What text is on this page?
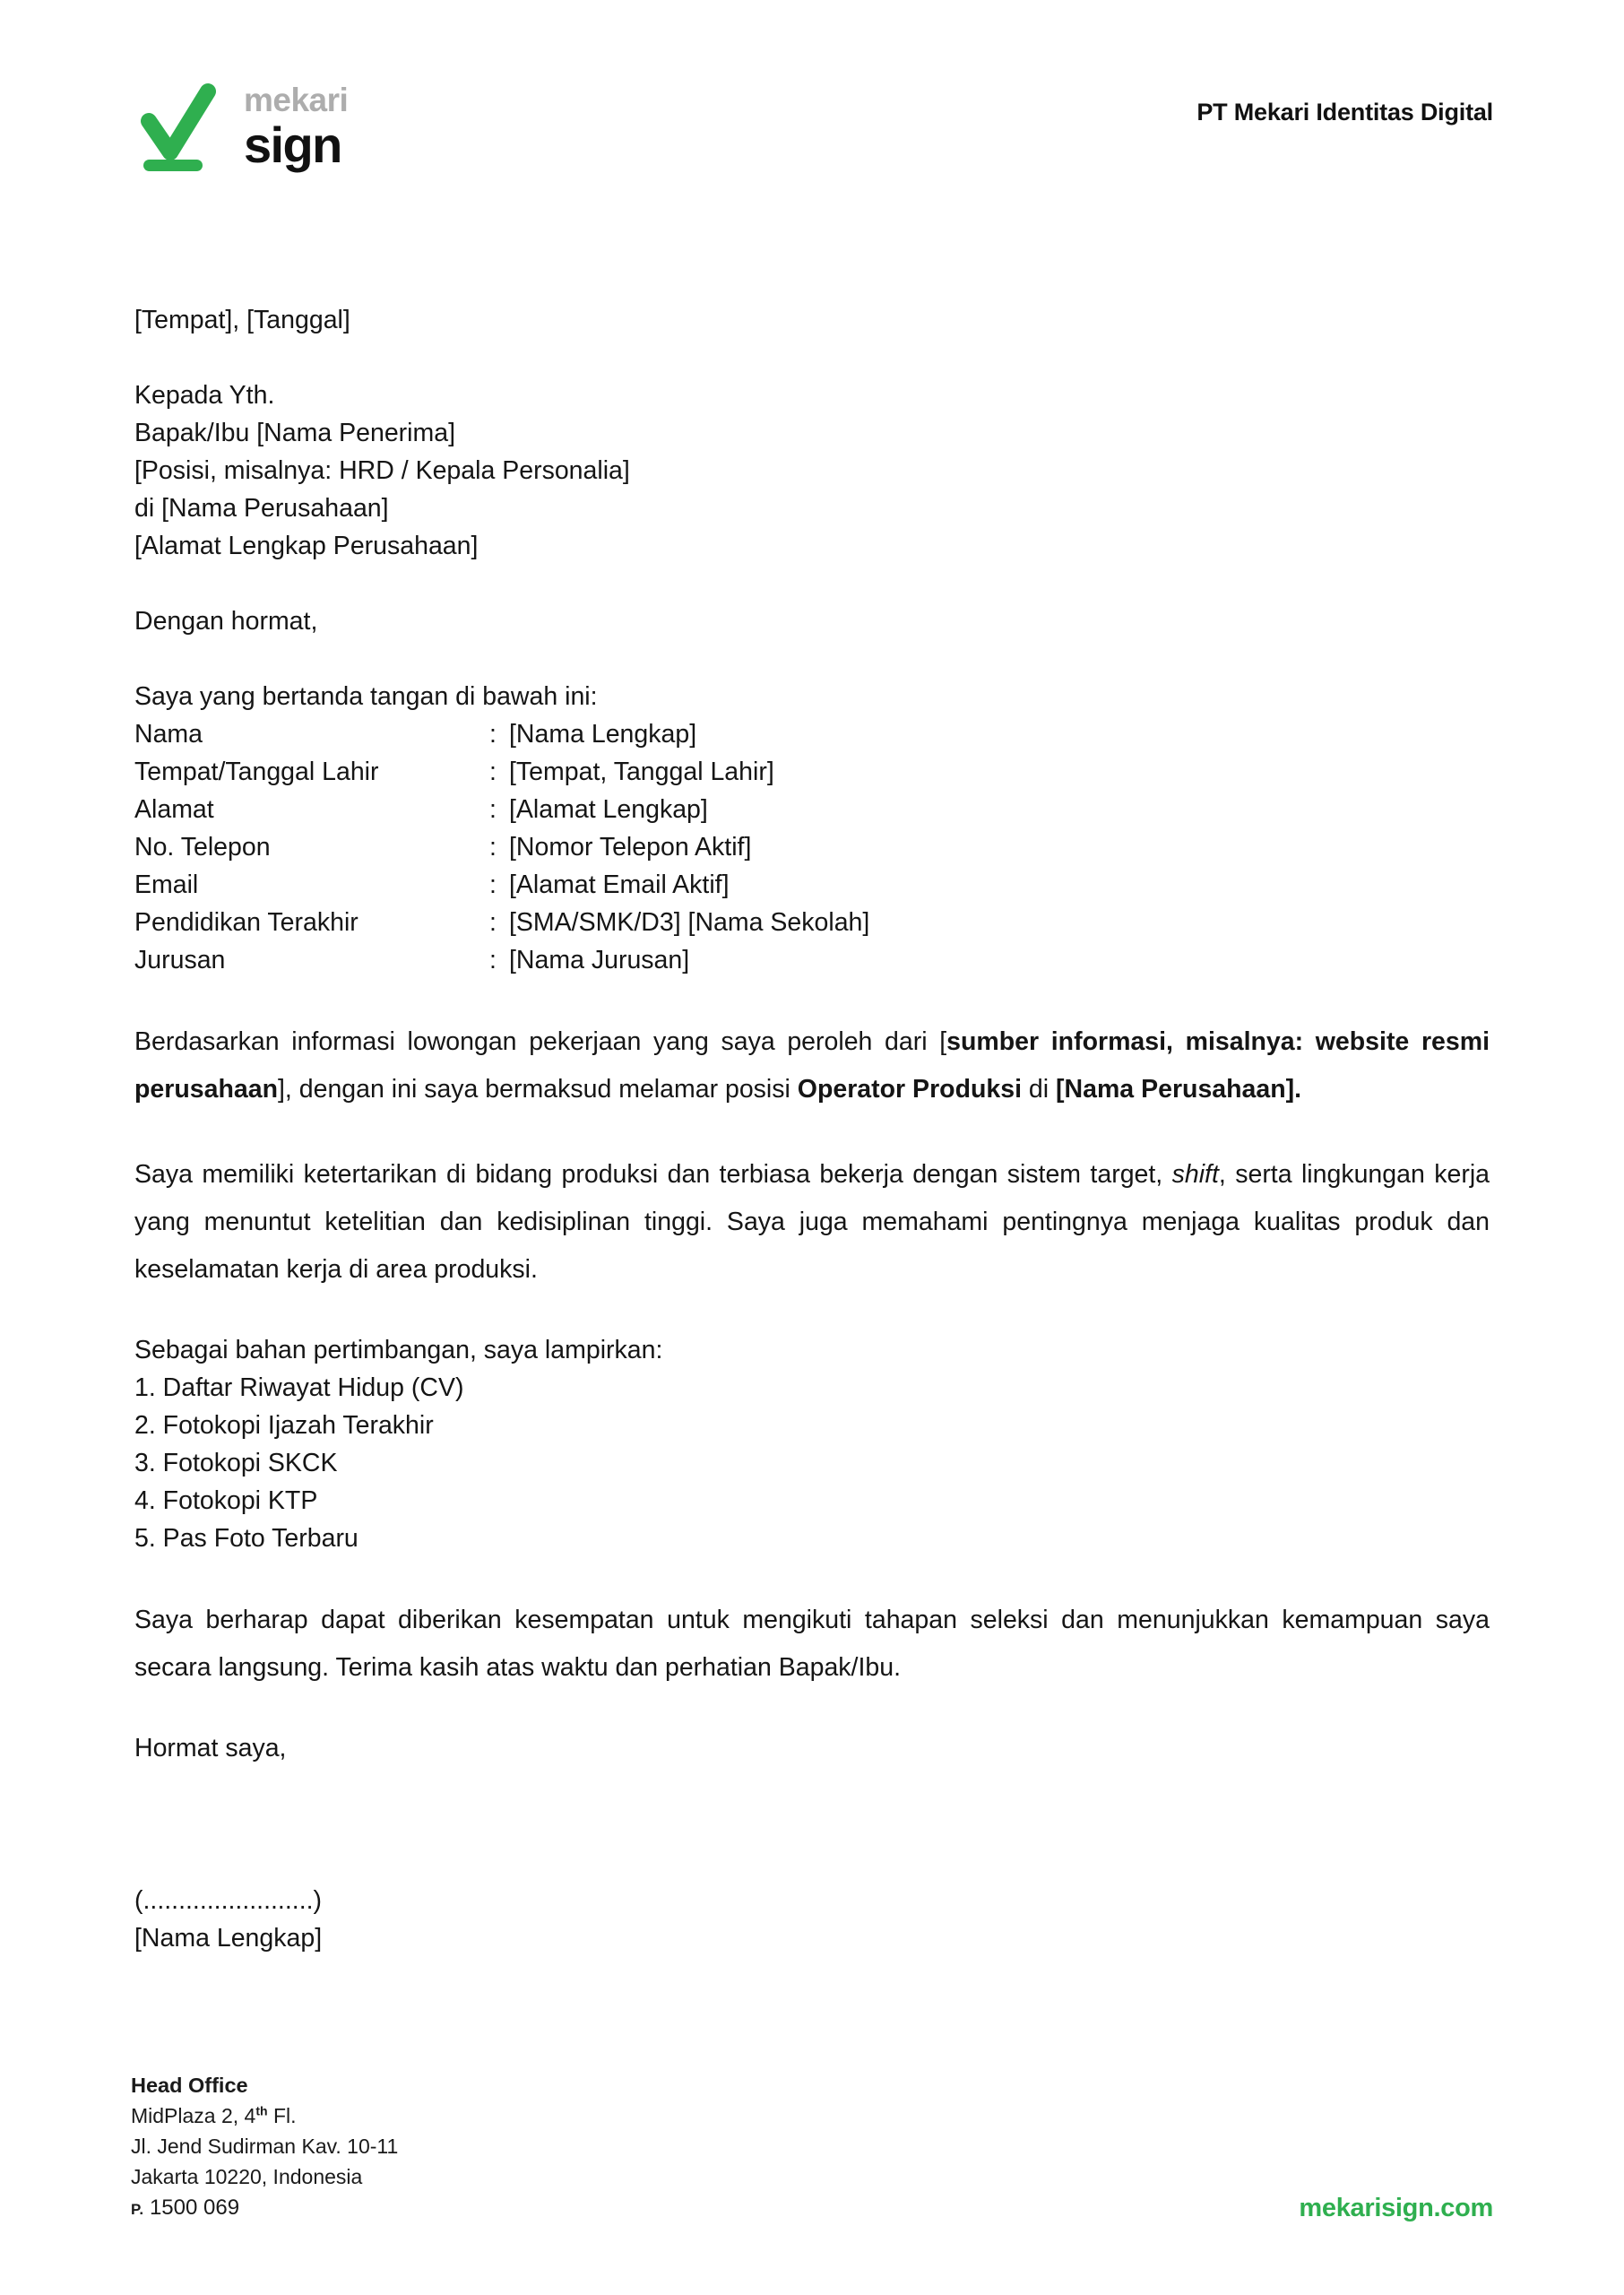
mekari
sign
PT Mekari Identitas Digital
[Tempat], [Tanggal]
Kepada Yth.
Bapak/Ibu [Nama Penerima]
[Posisi, misalnya: HRD / Kepala Personalia]
di [Nama Perusahaan]
[Alamat Lengkap Perusahaan]
Dengan hormat,
Saya yang bertanda tangan di bawah ini:
Nama	: [Nama Lengkap]
Tempat/Tanggal Lahir	: [Tempat, Tanggal Lahir]
Alamat	: [Alamat Lengkap]
No. Telepon	: [Nomor Telepon Aktif]
Email	: [Alamat Email Aktif]
Pendidikan Terakhir	: [SMA/SMK/D3] [Nama Sekolah]
Jurusan	: [Nama Jurusan]

Berdasarkan informasi lowongan pekerjaan yang saya peroleh dari [sumber informasi, misalnya: website resmi perusahaan], dengan ini saya bermaksud melamar posisi Operator Produksi di [Nama Perusahaan].

Saya memiliki ketertarikan di bidang produksi dan terbiasa bekerja dengan sistem target, shift, serta lingkungan kerja yang menuntut ketelitian dan kedisiplinan tinggi. Saya juga memahami pentingnya menjaga kualitas produk dan keselamatan kerja di area produksi.

Sebagai bahan pertimbangan, saya lampirkan:
1. Daftar Riwayat Hidup (CV)
2. Fotokopi Ijazah Terakhir
3. Fotokopi SKCK
4. Fotokopi KTP
5. Pas Foto Terbaru

Saya berharap dapat diberikan kesempatan untuk mengikuti tahapan seleksi dan menunjukkan kemampuan saya secara langsung. Terima kasih atas waktu dan perhatian Bapak/Ibu.

Hormat saya,
(........................)
[Nama Lengkap]
Head Office
MidPlaza 2, 4th Fl.
Jl. Jend Sudirman Kav. 10-11
Jakarta 10220, Indonesia
P. 1500 069	mekarisign.com
